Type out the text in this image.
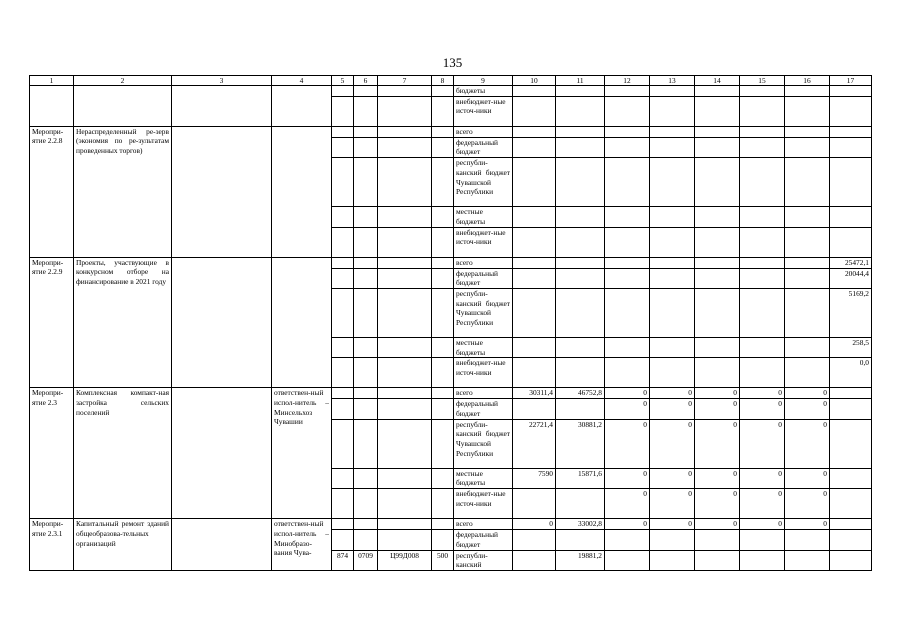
135
1	2	3	4	5	6	7	8	9	10	11	12	13	14	15	16	17
								бюджеты								
								внебюджет-ные источ-ники								
Меропри-ятие 2.2.8	Нераспределенный ре-зерв (экономия по ре-зультатам проведенных торгов)							всего								
								федеральный бюджет								
								республи-канский бюджет Чувашской Республики								
								местные бюджеты								
								внебюджет-ные источ-ники								
Меропри-ятие 2.2.9	Проекты, участвующие в конкурсном отборе на финансирование в 2021 году							всего								25472,1
								федеральный бюджет								20044,4
								республи-канский бюджет Чувашской Республики								5169,2
								местные бюджеты								258,5
								внебюджет-ные источ-ники								0,0
Меропри-ятие 2.3	Комплексная компакт-ная застройка сельских поселений		ответствен-ный испол-нитель – Минсельхоз Чувашии					всего	30311,4	46752,8	0	0	0	0	0	
								федеральный бюджет			0	0	0	0	0	
								республи-канский бюджет Чувашской Республики	22721,4	30881,2	0	0	0	0	0	
								местные бюджеты	7590	15871,6	0	0	0	0	0	
								внебюджет-ные источ-ники			0	0	0	0	0	
Меропри-ятие 2.3.1	Капитальный ремонт зданий общеобразова-тельных организаций		ответствен-ный испол-нитель – Минобразо-вания Чува-					всего	0	33002,8	0	0	0	0	0	
								федеральный бюджет								
				874	0709	Ц99Д008	500	республи-канский		19881,2						
